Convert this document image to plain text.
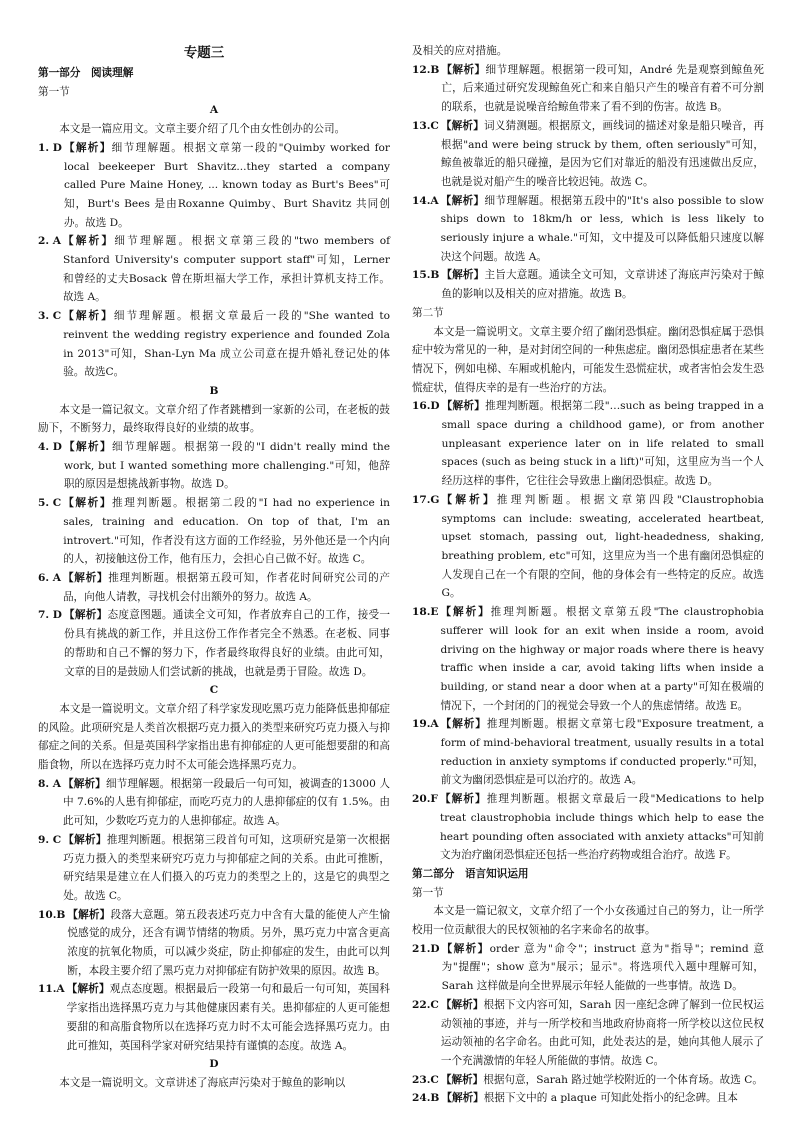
专题三
第一部分　阅读理解
第一节
A
本文是一篇应用文。文章主要介绍了几个由女性创办的公司。
1. D 【解析】细节理解题。根据文章第一段的"Quimby worked for local beekeeper Burt Shavitz...they started a company called Pure Maine Honey, ... known today as Burt's Bees"可知，Burt's Bees 是由Roxanne Quimby、Burt Shavitz 共同创办。故选 D。
2. A 【解析】细节理解题。根据文章第三段的"two members of Stanford University's computer support staff"可知，Lerner 和曾经的丈夫Bosack 曾在斯坦福大学工作，承担计算机支持工作。故选 A。
3. C 【解析】细节理解题。根据文章最后一段的"She wanted to reinvent the wedding registry experience and founded Zola in 2013"可知，Shan-Lyn Ma 成立公司意在提升婚礼登记处的体验。故选C。
B
本文是一篇记叙文。文章介绍了作者跳槽到一家新的公司，在老板的鼓励下，不断努力，最终取得良好的业绩的故事。
4. D 【解析】细节理解题。根据第一段的"I didn't really mind the work, but I wanted something more challenging."可知，他辞职的原因是想挑战新事物。故选 D。
5. C 【解析】推理判断题。根据第二段的"I had no experience in sales, training and education. On top of that, I'm an introvert."可知，作者没有这方面的工作经验，另外他还是一个内向的人，初接触这份工作，他有压力，会担心自己做不好。故选 C。
6. A 【解析】推理判断题。根据第五段可知，作者花时间研究公司的产品，向他人请教，寻找机会付出额外的努力。故选 A。
7. D 【解析】态度意图题。通读全文可知，作者放弃自己的工作，接受一份具有挑战的新工作，并且这份工作作者完全不熟悉。在老板、同事的帮助和自己不懈的努力下，作者最终取得良好的业绩。由此可知，文章的目的是鼓励人们尝试新的挑战，也就是勇于冒险。故选 D。
C
本文是一篇说明文。文章介绍了科学家发现吃黑巧克力能降低患抑郁症的风险。此项研究是人类首次根据巧克力摄入的类型来研究巧克力摄入与抑郁症之间的关系。但是英国科学家指出患有抑郁症的人更可能想要甜的和高脂食物，所以在选择巧克力时不太可能会选择黑巧克力。
8. A 【解析】细节理解题。根据第一段最后一句可知，被调查的13000 人中 7.6%的人患有抑郁症，而吃巧克力的人患抑郁症的仅有 1.5%。由此可知，少数吃巧克力的人患抑郁症。故选 A。
9. C 【解析】推理判断题。根据第三段首句可知，这项研究是第一次根据巧克力摄入的类型来研究巧克力与抑郁症之间的关系。由此可推断，研究结果是建立在人们摄入的巧克力的类型之上的，这是它的典型之处。故选 C。
10.B 【解析】段落大意题。第五段表述巧克力中含有大量的能使人产生愉悦感觉的成分，还含有调节情绪的物质。另外，黑巧克力中富含更高浓度的抗氧化物质，可以减少炎症，防止抑郁症的发生，由此可以判断，本段主要介绍了黑巧克力对抑郁症有防护效果的原因。故选 B。
11.A 【解析】观点态度题。根据最后一段第一句和最后一句可知，英国科学家指出选择黑巧克力与其他健康因素有关。患抑郁症的人更可能想要甜的和高脂食物所以在选择巧克力时不太可能会选择黑巧克力。由此可推知，英国科学家对研究结果持有谨慎的态度。故选 A。
D
本文是一篇说明文。文章讲述了海底声污染对于鲸鱼的影响以
及相关的应对措施。
12.B 【解析】细节理解题。根据第一段可知，André 先是观察到鲸鱼死亡，后来通过研究发现鲸鱼死亡和来自船只产生的噪音有着不可分割的联系，也就是说噪音给鲸鱼带来了看不到的伤害。故选 B。
13.C 【解析】词义猜测题。根据原文，画线词的描述对象是船只噪音，再根据"and were being struck by them, often seriously"可知，鲸鱼被靠近的船只碰撞，是因为它们对靠近的船没有迅速做出反应，也就是说对船产生的噪音比较迟钝。故选 C。
14.A 【解析】细节理解题。根据第五段中的"It's also possible to slow ships down to 18km/h or less, which is less likely to seriously injure a whale."可知，文中提及可以降低船只速度以解决这个问题。故选 A。
15.B 【解析】主旨大意题。通读全文可知，文章讲述了海底声污染对于鲸鱼的影响以及相关的应对措施。故选 B。
第二节
本文是一篇说明文。文章主要介绍了幽闭恐惧症。幽闭恐惧症属于恐惧症中较为常见的一种，是对封闭空间的一种焦虑症。幽闭恐惧症患者在某些情况下，例如电梯、车厢或机舱内，可能发生恐慌症状，或者害怕会发生恐慌症状，值得庆幸的是有一些治疗的方法。
16.D 【解析】推理判断题。根据第二段"…such as being trapped in a small space during a childhood game), or from another unpleasant experience later on in life related to small spaces (such as being stuck in a lift)"可知，这里应为当一个人经历这样的事件，它往往会导致患上幽闭恐惧症。故选 D。
17.G 【解析】推理判断题。根据文章第四段"Claustrophobia symptoms can include: sweating, accelerated heartbeat, upset stomach, passing out, light-headedness, shaking, breathing problem, etc"可知，这里应为当一个患有幽闭恐惧症的人发现自己在一个有限的空间，他的身体会有一些特定的反应。故选 G。
18.E 【解析】推理判断题。根据文章第五段"The claustrophobia sufferer will look for an exit when inside a room, avoid driving on the highway or major roads where there is heavy traffic when inside a car, avoid taking lifts when inside a building, or stand near a door when at a party"可知在极端的情况下，一个封闭的门的视觉会导致一个人的焦虑情绪。故选 E。
19.A 【解析】推理判断题。根据文章第七段"Exposure treatment, a form of mind-behavioral treatment, usually results in a total reduction in anxiety symptoms if conducted properly."可知，前文为幽闭恐惧症是可以治疗的。故选 A。
20.F 【解析】推理判断题。根据文章最后一段"Medications to help treat claustrophobia include things which help to ease the heart pounding often associated with anxiety attacks"可知前文为治疗幽闭恐惧症还包括一些治疗药物或组合治疗。故选 F。
第二部分　语言知识运用
第一节
本文是一篇记叙文，文章介绍了一个小女孩通过自己的努力，让一所学校用一位贡献很大的民权领袖的名字来命名的故事。
21.D 【解析】order 意为"命令"；instruct 意为"指导"；remind 意为"提醒"；show 意为"展示；显示"。将选项代入题中理解可知，Sarah 这样做是向全世界展示年轻人能做的一些事情。故选 D。
22.C 【解析】根据下文内容可知，Sarah 因一座纪念碑了解到一位民权运动领袖的事迹，并与一所学校和当地政府协商将一所学校以这位民权运动领袖的名字命名。由此可知，此处表达的是，她向其他人展示了一个充满激情的年轻人所能做的事情。故选 C。
23.C 【解析】根据句意，Sarah 路过她学校附近的一个体育场。故选 C。
24.B 【解析】根据下文中的 a plaque 可知此处指小的纪念碑。且本
